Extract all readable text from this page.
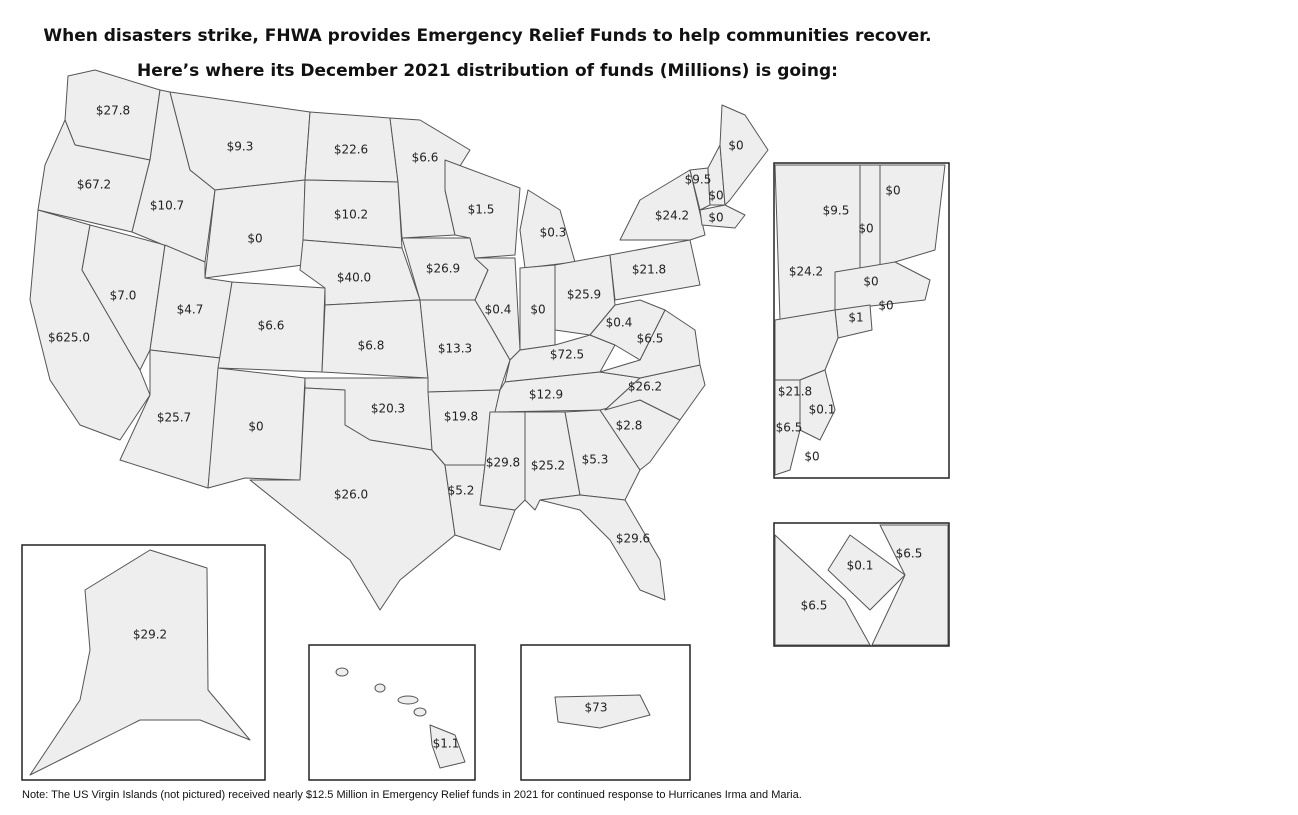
When disasters strike, FHWA provides Emergency Relief Funds to help communities recover.
Here’s where its December 2021 distribution of funds (Millions) is going:
$27.8
$67.2
$625.0
$10.7
$7.0
$9.3
$0
$4.7
$25.7
$6.6
$0
$22.6
$10.2
$40.0
$6.8
$20.3
$26.0
$6.6
$26.9
$13.3
$19.8
$5.2
$1.5
$0.4
$0.3
$0
$25.9
$72.5
$12.9
$29.8 $25.2 $5.3
$29.6
$2.8
$26.2
$6.5
$0.4
$21.8
$24.2
$9.5
$0
$0
$0
$29.2
$1.1
$73
$0
$9.5
$0
$24.2
$0
$1
$0
$21.8
$0.1
$6.5
$0
$6.5
$0.1
$6.5
Note: The US Virgin Islands (not pictured) received nearly $12.5 Million in Emergency Relief funds in 2021 for continued response to Hurricanes Irma and Maria.
